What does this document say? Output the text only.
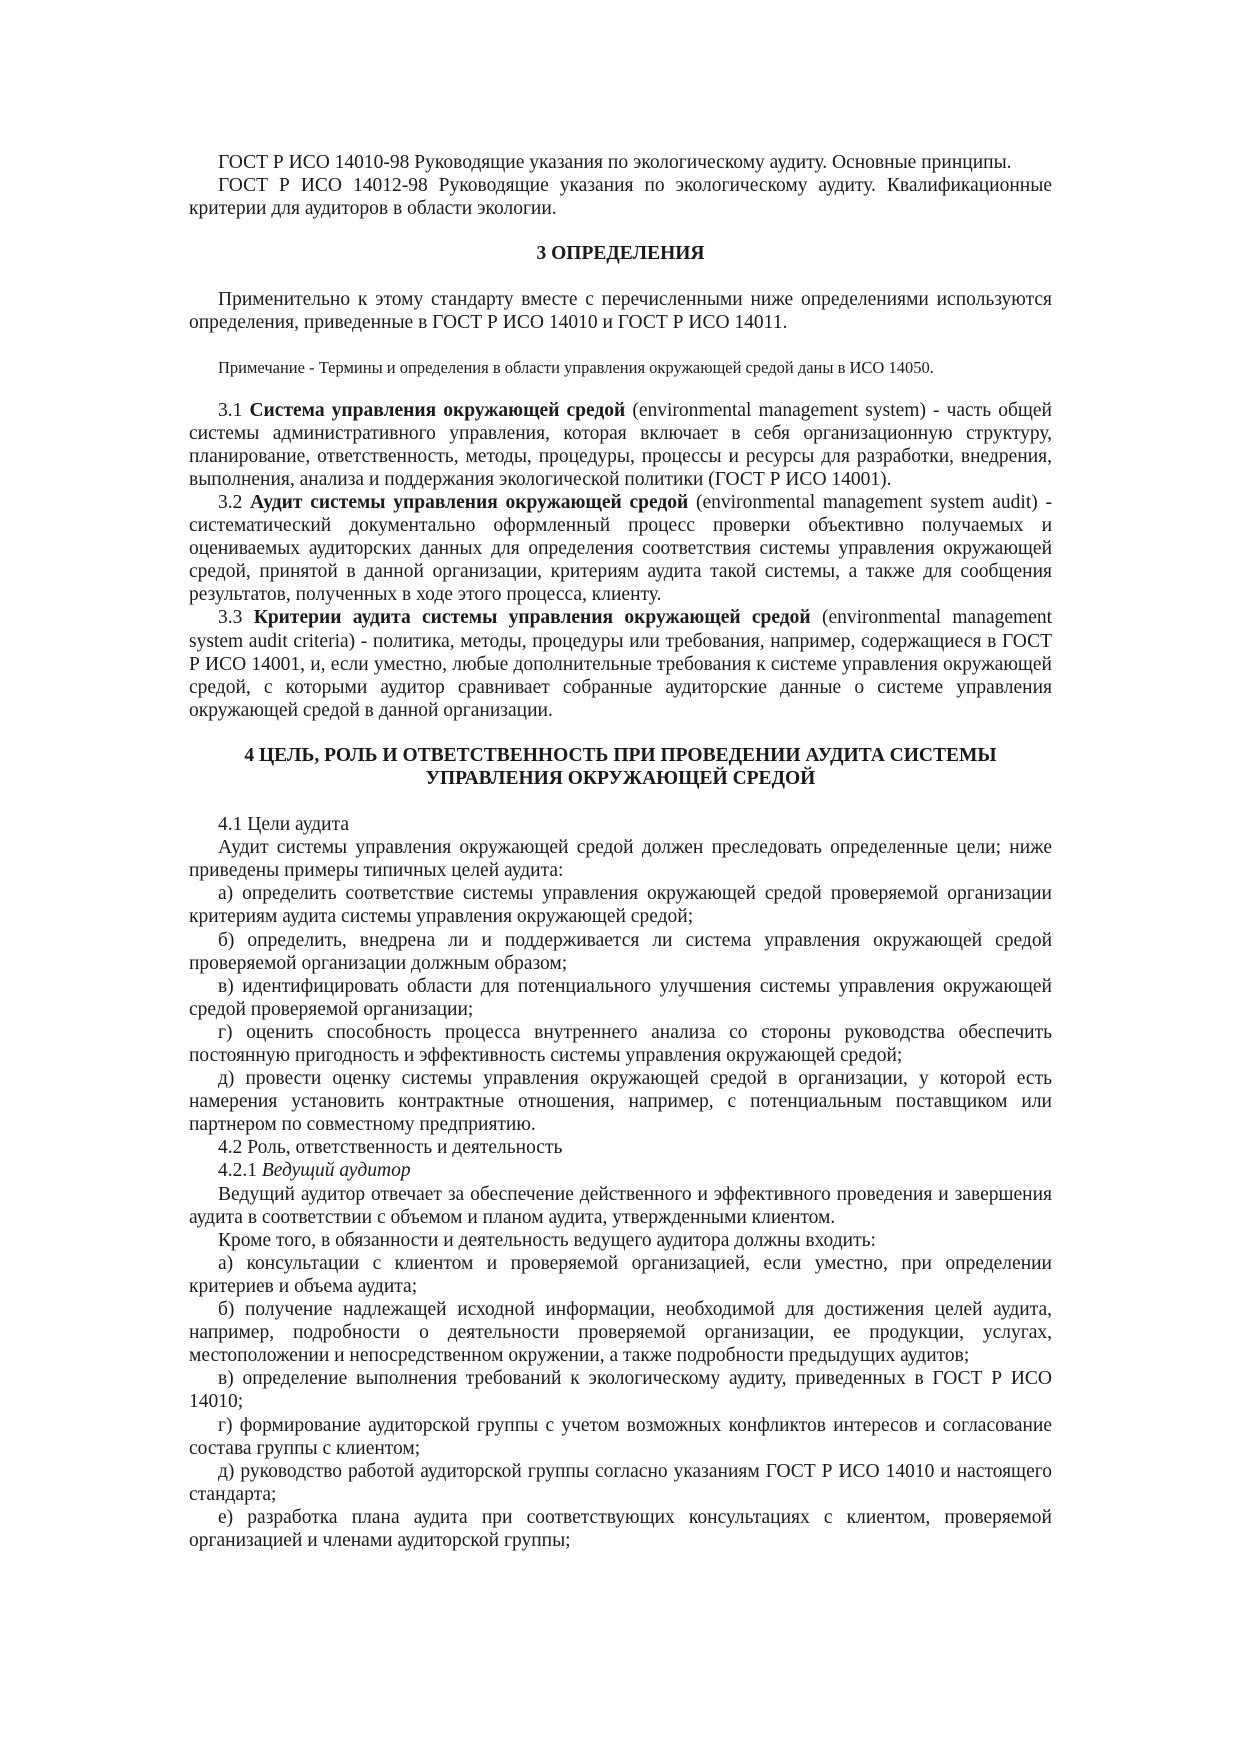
ГОСТ Р ИСО 14010-98 Руководящие указания по экологическому аудиту. Основные принципы.

ГОСТ Р ИСО 14012-98 Руководящие указания по экологическому аудиту. Квалификационные критерии для аудиторов в области экологии.

3 ОПРЕДЕЛЕНИЯ

Применительно к этому стандарту вместе с перечисленными ниже определениями используются определения, приведенные в ГОСТ Р ИСО 14010 и ГОСТ Р ИСО 14011.

Примечание - Термины и определения в области управления окружающей средой даны в ИСО 14050.

3.1 Система управления окружающей средой (environmental management system) - часть общей системы административного управления, которая включает в себя организационную структуру, планирование, ответственность, методы, процедуры, процессы и ресурсы для разработки, внедрения, выполнения, анализа и поддержания экологической политики (ГОСТ Р ИСО 14001).

3.2 Аудит системы управления окружающей средой (environmental management system audit) - систематический документально оформленный процесс проверки объективно получаемых и оцениваемых аудиторских данных для определения соответствия системы управления окружающей средой, принятой в данной организации, критериям аудита такой системы, а также для сообщения результатов, полученных в ходе этого процесса, клиенту.

3.3 Критерии аудита системы управления окружающей средой (environmental management system audit criteria) - политика, методы, процедуры или требования, например, содержащиеся в ГОСТ Р ИСО 14001, и, если уместно, любые дополнительные требования к системе управления окружающей средой, с которыми аудитор сравнивает собранные аудиторские данные о системе управления окружающей средой в данной организации.

4 ЦЕЛЬ, РОЛЬ И ОТВЕТСТВЕННОСТЬ ПРИ ПРОВЕДЕНИИ АУДИТА СИСТЕМЫ
УПРАВЛЕНИЯ ОКРУЖАЮЩЕЙ СРЕДОЙ

4.1 Цели аудита

Аудит системы управления окружающей средой должен преследовать определенные цели; ниже приведены примеры типичных целей аудита:

а) определить соответствие системы управления окружающей средой проверяемой организации критериям аудита системы управления окружающей средой;

б) определить, внедрена ли и поддерживается ли система управления окружающей средой проверяемой организации должным образом;

в) идентифицировать области для потенциального улучшения системы управления окружающей средой проверяемой организации;

г) оценить способность процесса внутреннего анализа со стороны руководства обеспечить постоянную пригодность и эффективность системы управления окружающей средой;

д) провести оценку системы управления окружающей средой в организации, у которой есть намерения установить контрактные отношения, например, с потенциальным поставщиком или партнером по совместному предприятию.

4.2 Роль, ответственность и деятельность

4.2.1 Ведущий аудитор

Ведущий аудитор отвечает за обеспечение действенного и эффективного проведения и завершения аудита в соответствии с объемом и планом аудита, утвержденными клиентом.

Кроме того, в обязанности и деятельность ведущего аудитора должны входить:

а) консультации с клиентом и проверяемой организацией, если уместно, при определении критериев и объема аудита;

б) получение надлежащей исходной информации, необходимой для достижения целей аудита, например, подробности о деятельности проверяемой организации, ее продукции, услугах, местоположении и непосредственном окружении, а также подробности предыдущих аудитов;

в) определение выполнения требований к экологическому аудиту, приведенных в ГОСТ Р ИСО 14010;

г) формирование аудиторской группы с учетом возможных конфликтов интересов и согласование состава группы с клиентом;

д) руководство работой аудиторской группы согласно указаниям ГОСТ Р ИСО 14010 и настоящего стандарта;

е) разработка плана аудита при соответствующих консультациях с клиентом, проверяемой организацией и членами аудиторской группы;
